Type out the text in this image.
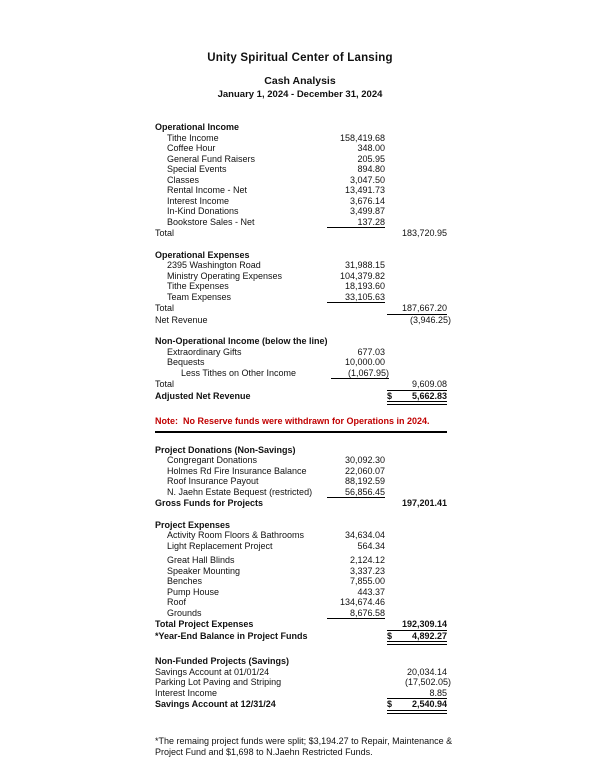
Unity Spiritual Center of Lansing
Cash Analysis
January 1, 2024 - December 31, 2024
Operational Income
Tithe Income	158,419.68
Coffee Hour	348.00
General Fund Raisers	205.95
Special Events	894.80
Classes	3,047.50
Rental Income - Net	13,491.73
Interest Income	3,676.14
In-Kind Donations	3,499.87
Bookstore Sales - Net	137.28
Total	183,720.95
Operational Expenses
2395 Washington Road	31,988.15
Ministry Operating Expenses	104,379.82
Tithe Expenses	18,193.60
Team Expenses	33,105.63
Total	187,667.20
Net Revenue	(3,946.25)
Non-Operational Income (below the line)
Extraordinary Gifts	677.03
Bequests	10,000.00
Less Tithes on Other Income	(1,067.95)
Total	9,609.08
Adjusted Net Revenue	$ 5,662.83
Note:  No Reserve funds were withdrawn for Operations in 2024.
Project Donations (Non-Savings)
Congregant Donations	30,092.30
Holmes Rd Fire Insurance Balance	22,060.07
Roof Insurance Payout	88,192.59
N. Jaehn Estate Bequest (restricted)	56,856.45
Gross Funds for Projects	197,201.41
Project Expenses
Activity Room Floors & Bathrooms	34,634.04
Light Replacement Project	564.34
Great Hall Blinds	2,124.12
Speaker Mounting	3,337.23
Benches	7,855.00
Pump House	443.37
Roof	134,674.46
Grounds	8,676.58
Total Project Expenses	192,309.14
*Year-End Balance in Project Funds	$ 4,892.27
Non-Funded Projects (Savings)
Savings Account at 01/01/24	20,034.14
Parking Lot Paving and Striping	(17,502.05)
Interest Income	8.85
Savings Account at 12/31/24	$ 2,540.94
*The remaing project funds were split; $3,194.27 to Repair, Maintenance &
Project Fund and $1,698 to N.Jaehn Restricted Funds.
